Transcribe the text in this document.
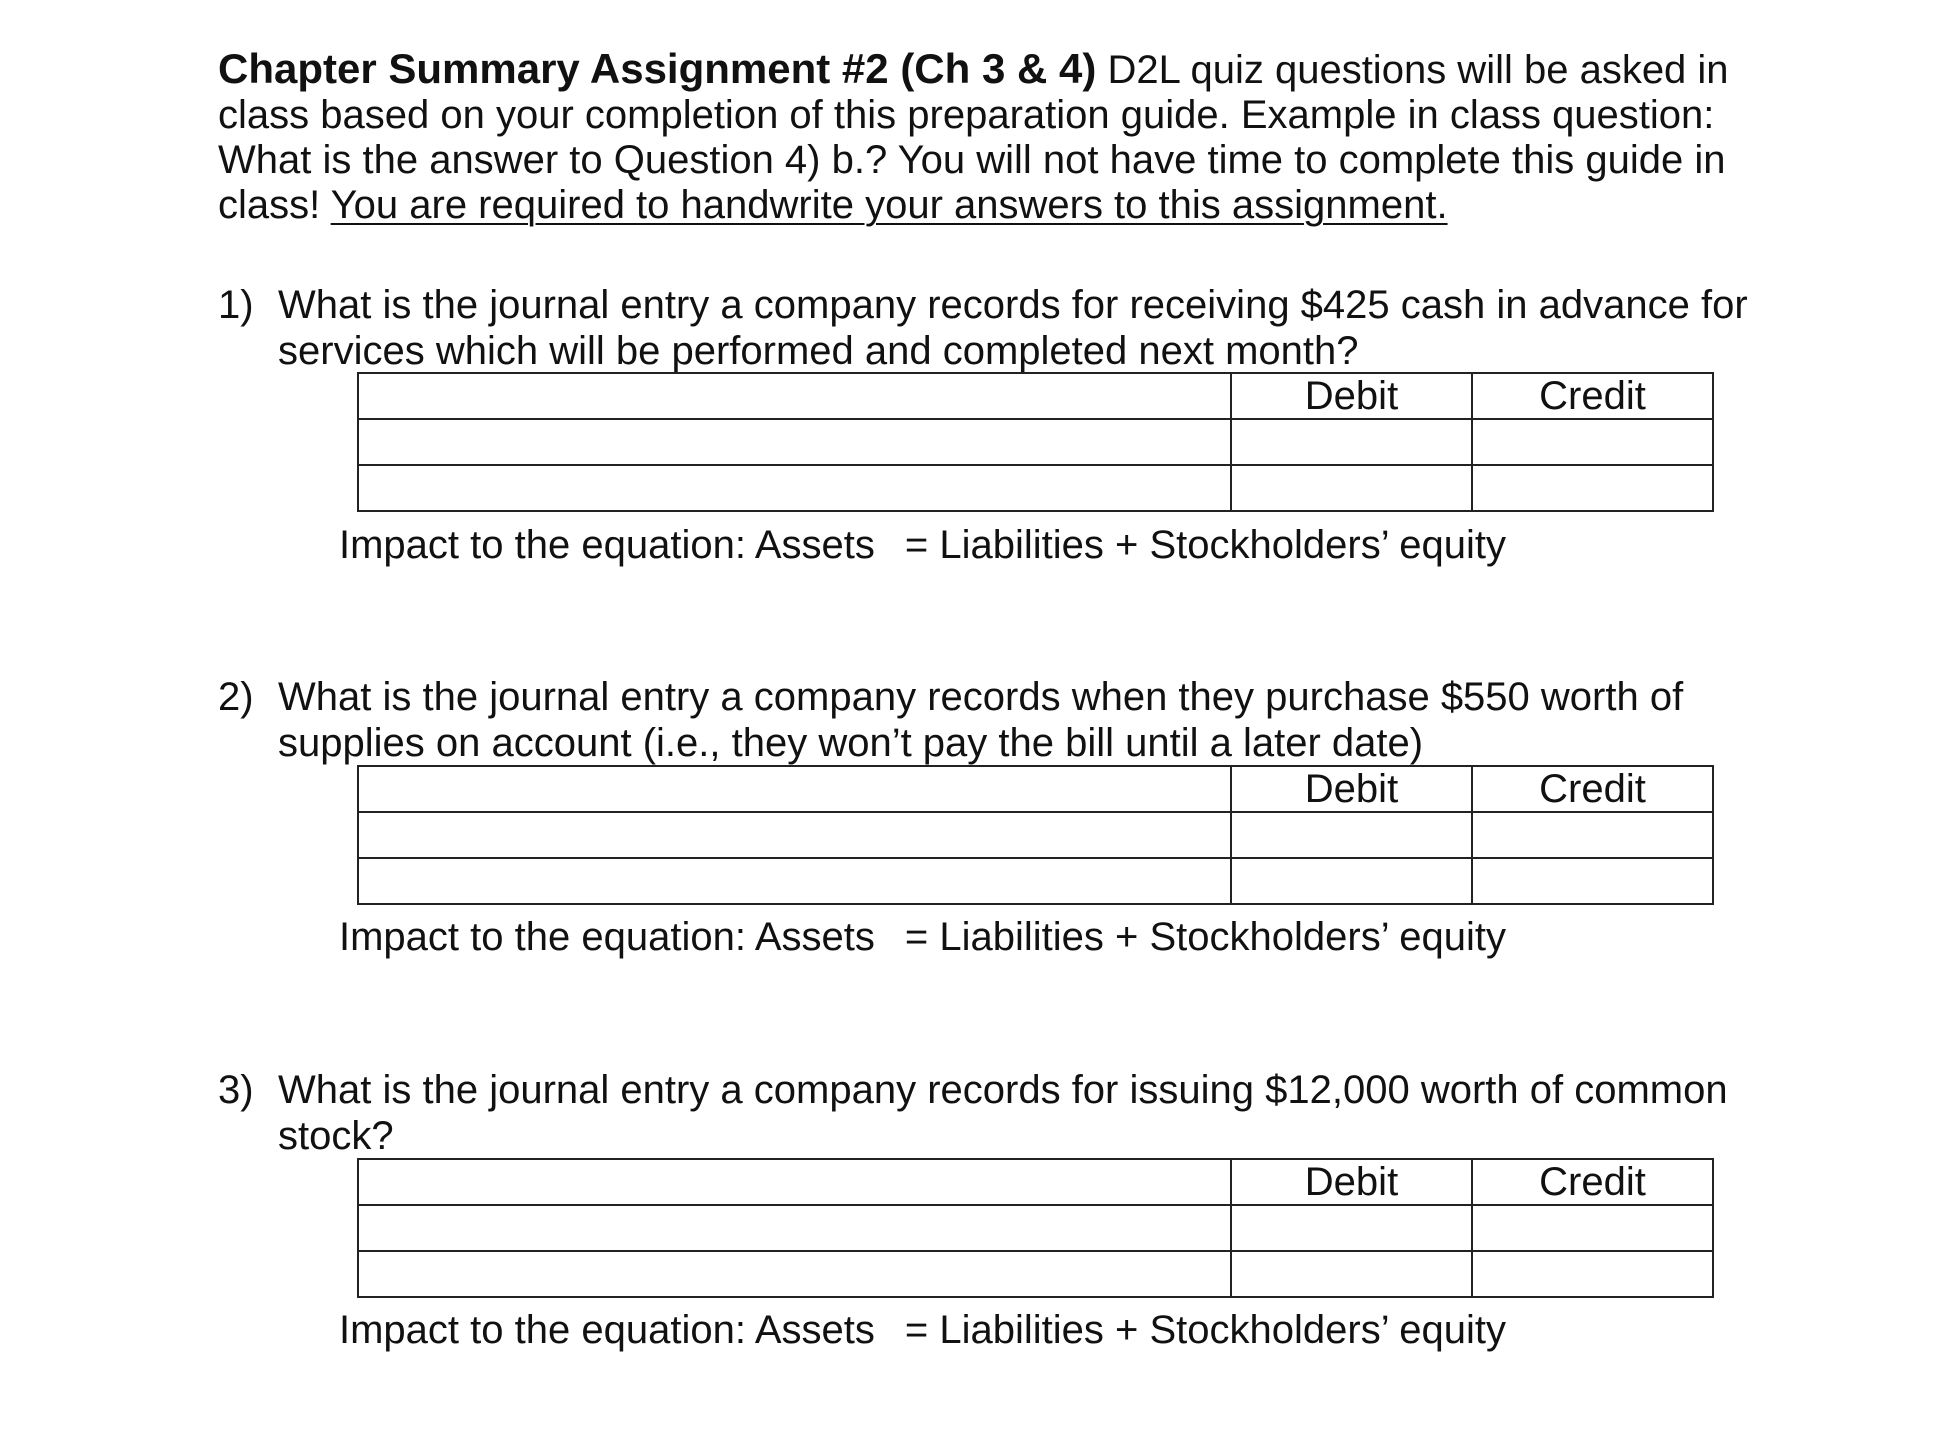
Chapter Summary Assignment #2 (Ch 3 & 4) D2L quiz questions will be asked in class based on your completion of this preparation guide. Example in class question: What is the answer to Question 4) b.? You will not have time to complete this guide in class! You are required to handwrite your answers to this assignment.
1) What is the journal entry a company records for receiving $425 cash in advance for services which will be performed and completed next month?
	Debit	Credit

Impact to the equation: Assets = Liabilities + Stockholders’ equity
2) What is the journal entry a company records when they purchase $550 worth of supplies on account (i.e., they won’t pay the bill until a later date)
	Debit	Credit

Impact to the equation: Assets = Liabilities + Stockholders’ equity
3) What is the journal entry a company records for issuing $12,000 worth of common stock?
	Debit	Credit

Impact to the equation: Assets = Liabilities + Stockholders’ equity
